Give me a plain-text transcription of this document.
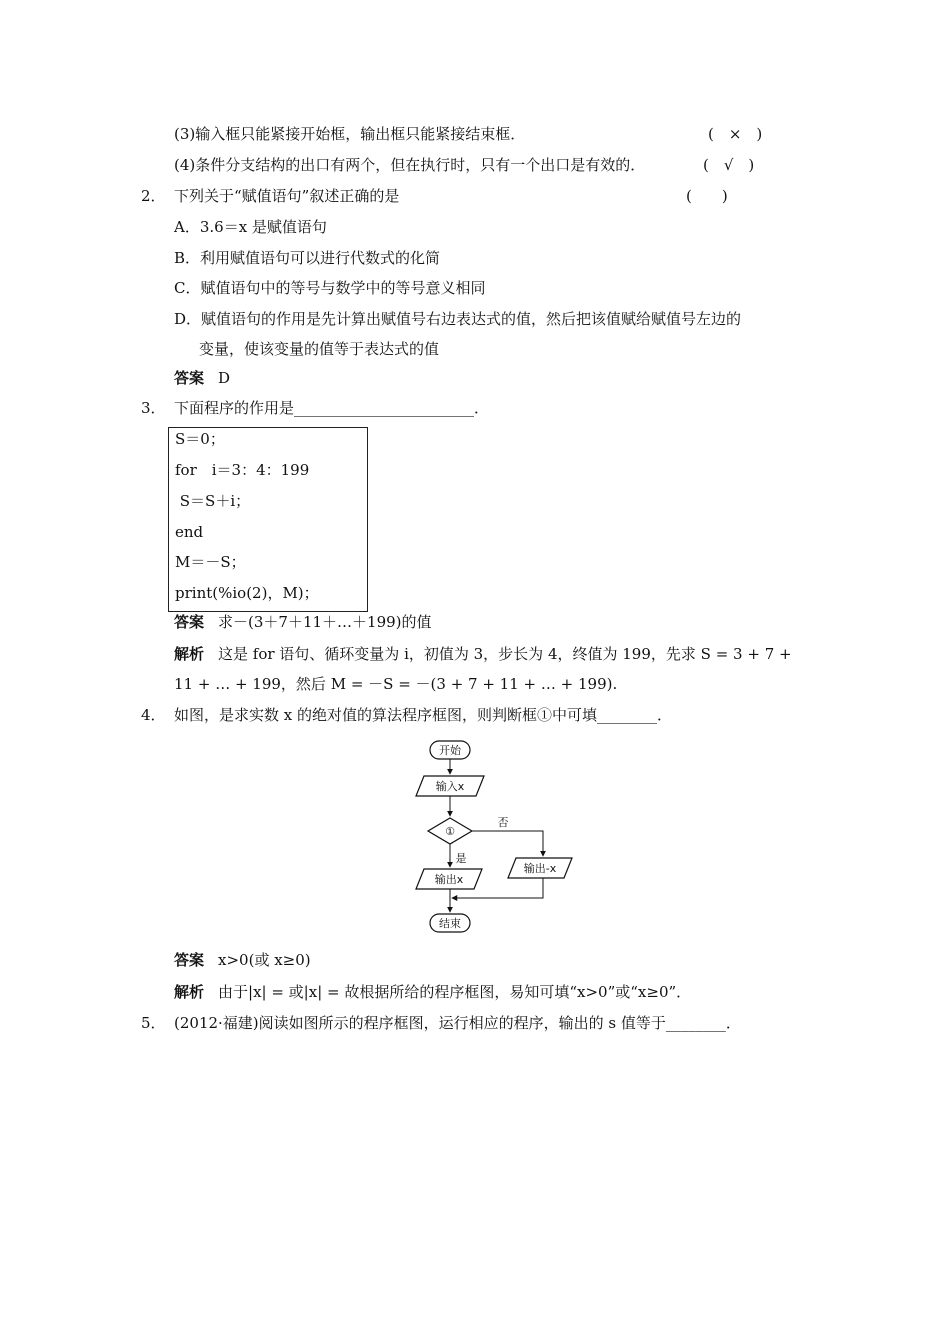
(3)输入框只能紧接开始框，输出框只能紧接结束框．	(　×　)
(4)条件分支结构的出口有两个，但在执行时，只有一个出口是有效的．	(　√　)
2． 下列关于“赋值语句”叙述正确的是	(　　)
A．3.6＝x 是赋值语句
B．利用赋值语句可以进行代数式的化简
C．赋值语句中的等号与数学中的等号意义相同
D．赋值语句的作用是先计算出赋值号右边表达式的值，然后把该值赋给赋值号左边的
变量，使该变量的值等于表达式的值
答案 D
3． 下面程序的作用是________________________．
S＝0；
for　i＝3：4：199
S＝S＋i；
end
M＝－S；
print(%io(2)，M)；
答案 求－(3＋7＋11＋…＋199)的值
解析 这是 for 语句、循环变量为 i，初值为 3，步长为 4，终值为 199，先求 S = 3 + 7 +
11 + … + 199，然后 M = －S = －(3 + 7 + 11 + … + 199).
4． 如图，是求实数 x 的绝对值的算法程序框图，则判断框①中可填________．
开始
输入x
①
否
是
输出x
输出-x
结束
答案 x>0(或 x≥0)
解析 由于|x| = 或|x| = 故根据所给的程序框图，易知可填“x>0”或“x≥0”．
5． (2012·福建)阅读如图所示的程序框图，运行相应的程序，输出的 s 值等于________．
